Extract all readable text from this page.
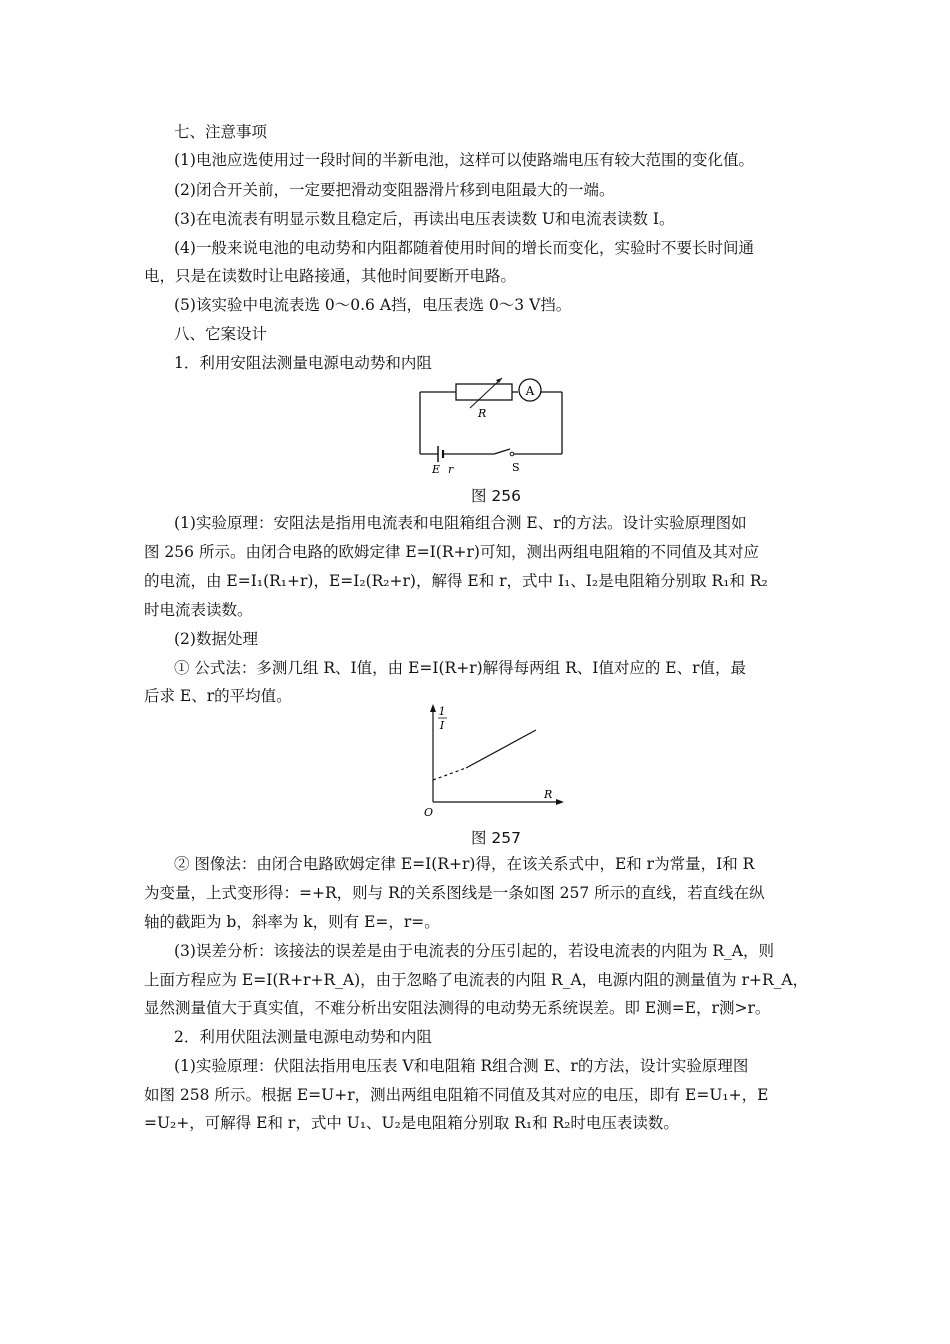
七、注意事项
(1)电池应选使用过一段时间的半新电池，这样可以使路端电压有较大范围的变化值。
(2)闭合开关前，一定要把滑动变阻器滑片移到电阻最大的一端。
(3)在电流表有明显示数且稳定后，再读出电压表读数 U和电流表读数 I。
(4)一般来说电池的电动势和内阻都随着使用时间的增长而变化，实验时不要长时间通
电，只是在读数时让电路接通，其他时间要断开电路。
(5)该实验中电流表选 0～0.6 A挡，电压表选 0～3 V挡。
八、它案设计
1．利用安阻法测量电源电动势和内阻
A
R
E r	S
图 256
(1)实验原理：安阻法是指用电流表和电阻箱组合测 E、r的方法。设计实验原理图如
图 256 所示。由闭合电路的欧姆定律 E=I(R+r)可知，测出两组电阻箱的不同值及其对应
的电流，由 E=I₁(R₁+r)，E=I₂(R₂+r)，解得 E和 r，式中 I₁、I₂是电阻箱分别取 R₁和 R₂
时电流表读数。
(2)数据处理
① 公式法：多测几组 R、I值，由 E=I(R+r)解得每两组 R、I值对应的 E、r值，最
后求 E、r的平均值。
1
I
R
O
图 257
② 图像法：由闭合电路欧姆定律 E=I(R+r)得，在该关系式中，E和 r为常量，I和 R
为变量，上式变形得：=+R，则与 R的关系图线是一条如图 257 所示的直线，若直线在纵
轴的截距为 b，斜率为 k，则有 E=，r=。
(3)误差分析：该接法的误差是由于电流表的分压引起的，若设电流表的内阻为 R_A，则
上面方程应为 E=I(R+r+R_A)，由于忽略了电流表的内阻 R_A，电源内阻的测量值为 r+R_A，
显然测量值大于真实值，不难分析出安阻法测得的电动势无系统误差。即 E测=E，r测>r。
2．利用伏阻法测量电源电动势和内阻
(1)实验原理：伏阻法指用电压表 V和电阻箱 R组合测 E、r的方法，设计实验原理图
如图 258 所示。根据 E=U+r，测出两组电阻箱不同值及其对应的电压，即有 E=U₁+，E
=U₂+，可解得 E和 r，式中 U₁、U₂是电阻箱分别取 R₁和 R₂时电压表读数。
